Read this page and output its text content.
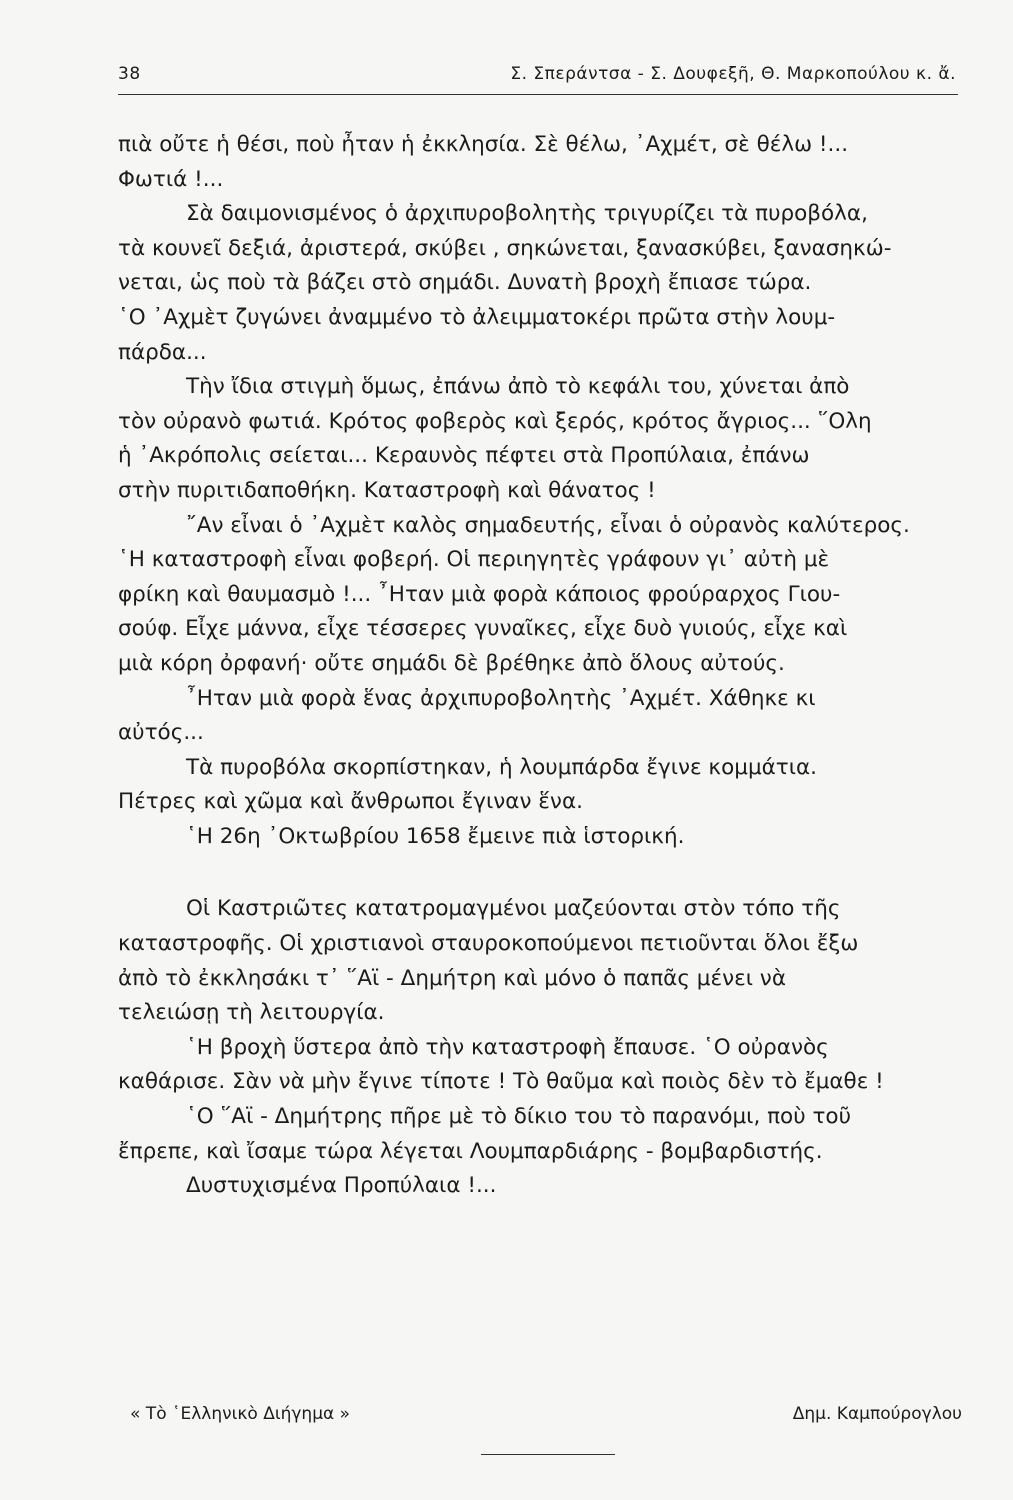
38	Σ. Σπεράντσα - Σ. Δουφεξῆ, Θ. Μαρκοπούλου κ. ἄ.
πιὰ οὔτε ἡ θέσι, ποὺ ἦταν ἡ ἐκκλησία. Σὲ θέλω, ᾿Αχμέτ, σὲ θέλω !...
Φωτιά !...
Σὰ δαιμονισμένος ὁ ἀρχιπυροβολητὴς τριγυρίζει τὰ πυροβόλα,
τὰ κουνεῖ δεξιά, ἀριστερά, σκύβει , σηκώνεται, ξανασκύβει, ξανασηκώ-
νεται, ὡς ποὺ τὰ βάζει στὸ σημάδι. Δυνατὴ βροχὴ ἔπιασε τώρα.
῾Ο ᾿Αχμὲτ ζυγώνει ἀναμμένο τὸ ἀλειμματοκέρι πρῶτα στὴν λουμ-
πάρδα...
Τὴν ἴδια στιγμὴ ὅμως, ἐπάνω ἀπὸ τὸ κεφάλι του, χύνεται ἀπὸ
τὸν οὐρανὸ φωτιά. Κρότος φοβερὸς καὶ ξερός, κρότος ἄγριος... ῞Ολη
ἡ ᾿Ακρόπολις σείεται... Κεραυνὸς πέφτει στὰ Προπύλαια, ἐπάνω
στὴν πυριτιδαποθήκη. Καταστροφὴ καὶ θάνατος !
῎Αν εἶναι ὁ ᾿Αχμὲτ καλὸς σημαδευτής, εἶναι ὁ οὐρανὸς καλύτερος.
῾Η καταστροφὴ εἶναι φοβερή. Οἱ περιηγητὲς γράφουν γι᾿ αὐτὴ μὲ
φρίκη καὶ θαυμασμὸ !... ῏Ηταν μιὰ φορὰ κάποιος φρούραρχος Γιου-
σούφ. Εἶχε μάννα, εἶχε τέσσερες γυναῖκες, εἶχε δυὸ γυιούς, εἶχε καὶ
μιὰ κόρη ὀρφανή· οὔτε σημάδι δὲ βρέθηκε ἀπὸ ὅλους αὐτούς.
῏Ηταν μιὰ φορὰ ἕνας ἀρχιπυροβολητὴς ᾿Αχμέτ. Χάθηκε κι
αὐτός...
Τὰ πυροβόλα σκορπίστηκαν, ἡ λουμπάρδα ἔγινε κομμάτια.
Πέτρες καὶ χῶμα καὶ ἄνθρωποι ἔγιναν ἕνα.
῾Η 26η ᾿Οκτωβρίου 1658 ἔμεινε πιὰ ἱστορική.
Οἱ Καστριῶτες κατατρομαγμένοι μαζεύονται στὸν τόπο τῆς
καταστροφῆς. Οἱ χριστιανοὶ σταυροκοπούμενοι πετιοῦνται ὅλοι ἔξω
ἀπὸ τὸ ἐκκλησάκι τ᾿ ῞Αϊ - Δημήτρη καὶ μόνο ὁ παπᾶς μένει νὰ
τελειώσῃ τὴ λειτουργία.
῾Η βροχὴ ὕστερα ἀπὸ τὴν καταστροφὴ ἔπαυσε. ῾Ο οὐρανὸς
καθάρισε. Σὰν νὰ μὴν ἔγινε τίποτε ! Τὸ θαῦμα καὶ ποιὸς δὲν τὸ ἔμαθε !
῾Ο ῞Αϊ - Δημήτρης πῆρε μὲ τὸ δίκιο του τὸ παρανόμι, ποὺ τοῦ
ἔπρεπε, καὶ ἴσαμε τώρα λέγεται Λουμπαρδιάρης - βομβαρδιστής.
Δυστυχισμένα Προπύλαια !...
« Τὸ ῾Ελληνικὸ Διήγημα »	Δημ. Καμπούρογλου
